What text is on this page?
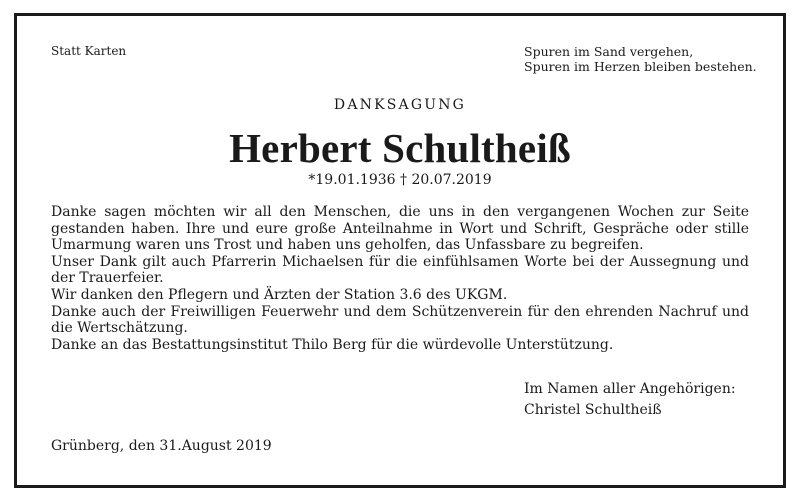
Statt Karten	Spuren im Sand vergehen,
Spuren im Herzen bleiben bestehen.
DANKSAGUNG
Herbert Schultheiß
*19.01.1936 † 20.07.2019
Danke sagen möchten wir all den Menschen, die uns in den vergangenen Wochen zur Seite gestanden haben. Ihre und eure große Anteilnahme in Wort und Schrift, Gespräche oder stille Umarmung waren uns Trost und haben uns geholfen, das Unfassbare zu begreifen.
Unser Dank gilt auch Pfarrerin Michaelsen für die einfühlsamen Worte bei der Aussegnung und der Trauerfeier.
Wir danken den Pflegern und Ärzten der Station 3.6 des UKGM.
Danke auch der Freiwilligen Feuerwehr und dem Schützenverein für den ehrenden Nachruf und die Wertschätzung.
Danke an das Bestattungsinstitut Thilo Berg für die würdevolle Unterstützung.
Im Namen aller Angehörigen:
Christel Schultheiß
Grünberg, den 31.August 2019
